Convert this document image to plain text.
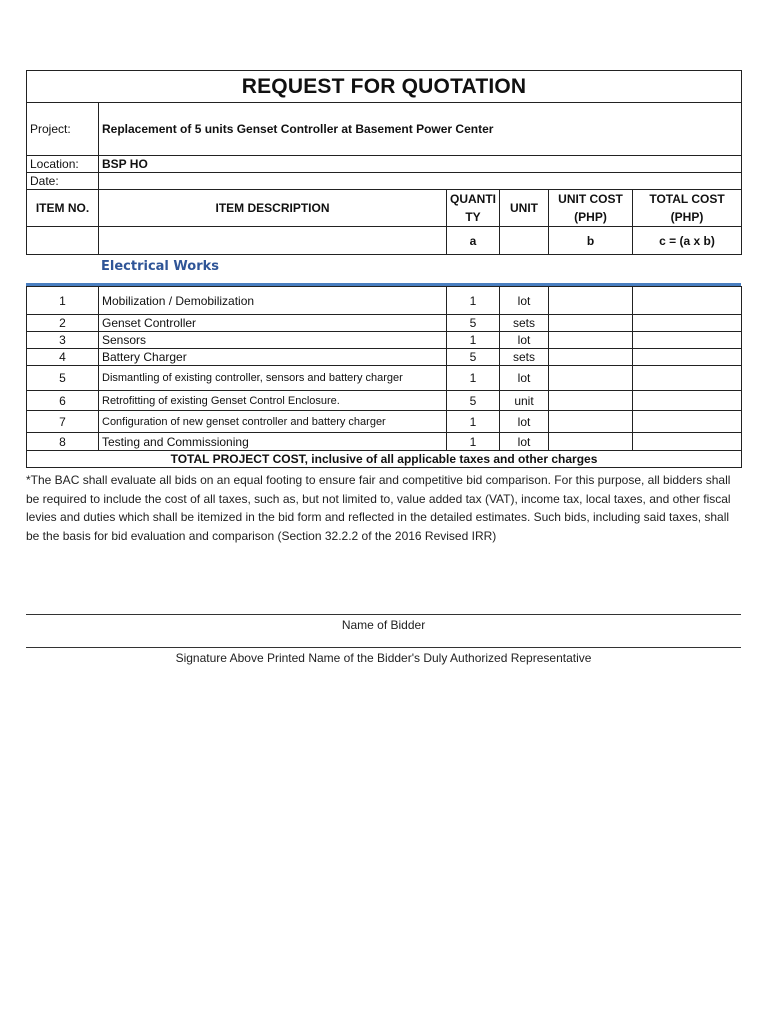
REQUEST FOR QUOTATION					
Project:	Replacement of 5 units Genset Controller at Basement Power Center				
Location:	BSP HO				
Date:					
ITEM NO.	ITEM DESCRIPTION	QUANTITY	UNIT	UNIT COST (PHP)	TOTAL COST (PHP)
		a		b	c = (a x b)
Electrical Works
1	Mobilization / Demobilization	1	lot		
2	Genset Controller	5	sets		
3	Sensors	1	lot		
4	Battery Charger	5	sets		
5	Dismantling of existing controller, sensors and battery charger	1	lot		
6	Retrofitting of existing Genset Control Enclosure.	5	unit		
7	Configuration of new genset controller and battery charger	1	lot		
8	Testing and Commissioning	1	lot		
TOTAL PROJECT COST, inclusive of all applicable taxes and other charges					
*The BAC shall evaluate all bids on an equal footing to ensure fair and competitive bid comparison. For this purpose, all bidders shall be required to include the cost of all taxes, such as, but not limited to, value added tax (VAT), income tax, local taxes, and other fiscal levies and duties which shall be itemized in the bid form and reflected in the detailed estimates. Such bids, including said taxes, shall be the basis for bid evaluation and comparison (Section 32.2.2 of the 2016 Revised IRR)
Name of Bidder
Signature Above Printed Name of the Bidder's Duly Authorized Representative
